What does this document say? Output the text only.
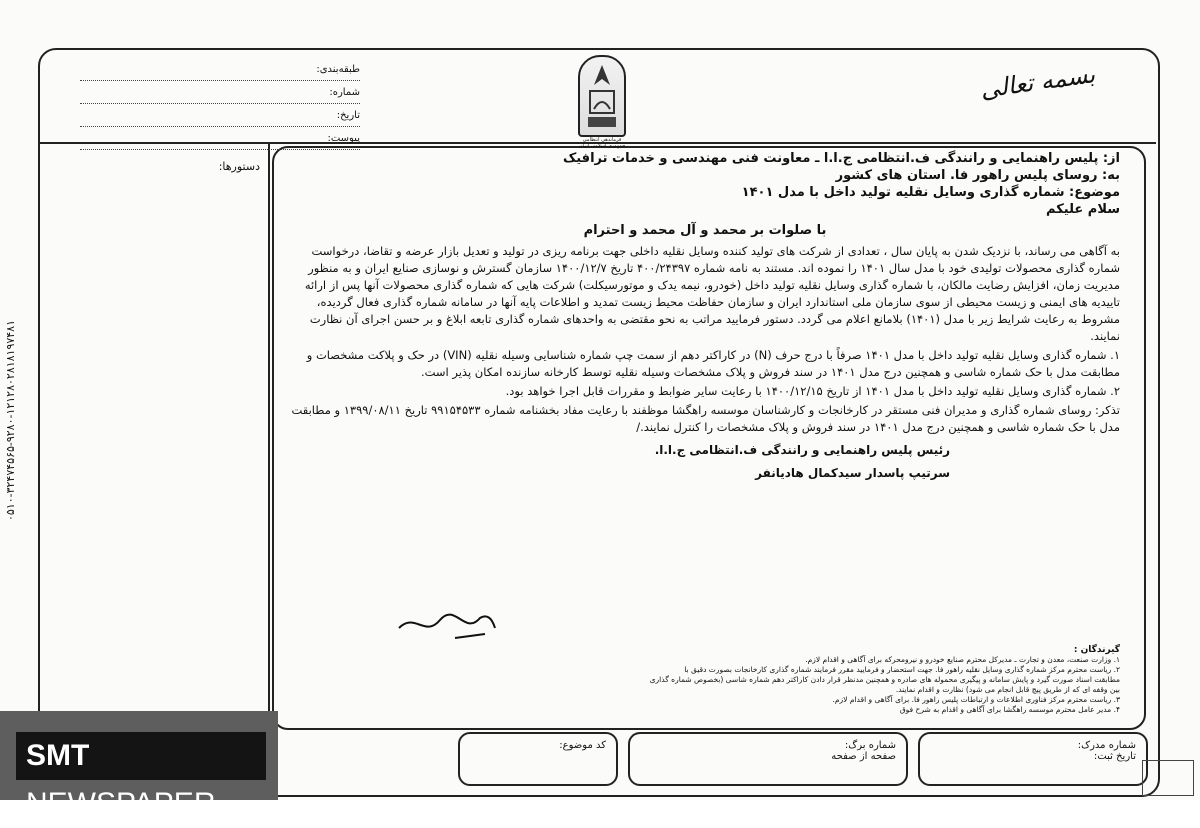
طبقه‌بندی:
شماره:
تاریخ:
پیوست:	فرماندهی انتظامی جمهوری اسلامی ایران
بسمه تعالی
دستورها:
از: پلیس راهنمایی و رانندگی ف.انتظامی ج.ا.ا ـ معاونت فنی مهندسی و خدمات ترافیک
به: روسای پلیس راهور فا. استان های کشور
موضوع: شماره گذاری وسایل نقلیه تولید داخل با مدل ۱۴۰۱
سلام علیکم
با صلوات بر محمد و آل محمد و احترام
به آگاهی می رساند، با نزدیک شدن به پایان سال ، تعدادی از شرکت های تولید کننده وسایل نقلیه داخلی جهت برنامه ریزی در تولید و تعدیل بازار عرضه و تقاضا، درخواست شماره گذاری محصولات تولیدی خود با مدل سال ۱۴۰۱ را نموده اند. مستند به نامه شماره ۴۰۰/۲۴۳۹۷ تاریخ ۱۴۰۰/۱۲/۷ سازمان گسترش و نوسازی صنایع ایران و به منظور مدیریت زمان، افزایش رضایت مالکان، با شماره گذاری وسایل نقلیه تولید داخل (خودرو، نیمه یدک و موتورسیکلت) شرکت هایی که شماره گذاری محصولات آنها پس از ارائه تاییدیه های ایمنی و زیست محیطی از سوی سازمان ملی استاندارد ایران و سازمان حفاظت محیط زیست تمدید و اطلاعات پایه آنها در سامانه شماره گذاری فعال گردیده، مشروط به رعایت شرایط زیر با مدل (۱۴۰۱) بلامانع اعلام می گردد. دستور فرمایید مراتب به نحو مقتضی به واحدهای شماره گذاری تابعه ابلاغ و بر حسن اجرای آن نظارت نمایند.
۱. شماره گذاری وسایل نقلیه تولید داخل با مدل ۱۴۰۱ صرفاً با درج حرف (N) در کاراکتر دهم از سمت چپ شماره شناسایی وسیله نقلیه (VIN) در حک و پلاکت مشخصات و مطابقت مدل با حک شماره شاسی و همچنین درج مدل ۱۴۰۱ در سند فروش و پلاک مشخصات وسیله نقلیه توسط کارخانه سازنده امکان پذیر است.
۲. شماره گذاری وسایل نقلیه تولید داخل با مدل ۱۴۰۱ از تاریخ ۱۴۰۰/۱۲/۱۵ با رعایت سایر ضوابط و مقررات قابل اجرا خواهد بود.
تذکر: روسای شماره گذاری و مدیران فنی مستقر در کارخانجات و کارشناسان موسسه راهگشا موظفند با رعایت مفاد بخشنامه شماره ۹۹۱۵۴۵۳۳ تاریخ ۱۳۹۹/۰۸/۱۱ و مطابقت مدل با حک شماره شاسی و همچنین درج مدل ۱۴۰۱ در سند فروش و پلاک مشخصات را کنترل نمایند./
رئیس پلیس راهنمایی و رانندگی ف.انتظامی ج.ا.ا.
سرتیپ پاسدار سیدکمال هادیانفر
گیرندگان :
۱. وزارت صنعت، معدن و تجارت ـ مدیرکل محترم صنایع خودرو و نیرومحرکه برای آگاهی و اقدام لازم.
۲. ریاست محترم مرکز شماره گذاری وسایل نقلیه راهور فا. جهت استحضار و فرمایید مقرر فرمایند شماره گذاری کارخانجات بصورت دقیق با
مطابقت اسناد صورت گیرد و پایش سامانه و پیگیری محموله های صادره و همچنین مدنظر قرار دادن کاراکتر دهم شماره شاسی (بخصوص شماره گذاری
بین وقفه ای که از طریق پیچ قابل انجام می شود) نظارت و اقدام نمایند.
۳. ریاست محترم مرکز فناوری اطلاعات و ارتباطات پلیس راهور فا. برای آگاهی و اقدام لازم.
۴. مدیر عامل محترم موسسه راهگشا برای آگاهی و اقدام به شرح فوق
شماره مدرک:
تاریخ ثبت:
شماره برگ:
صفحه از صفحه
کد موضوع:
۰۵۱۰-۳۲۴۷۴۵۶۵-۹۲۸۰-۱۲۱۲۸۰۲۸۱۸۱۹۷۴۸۱
SMT NEWSPAPER
